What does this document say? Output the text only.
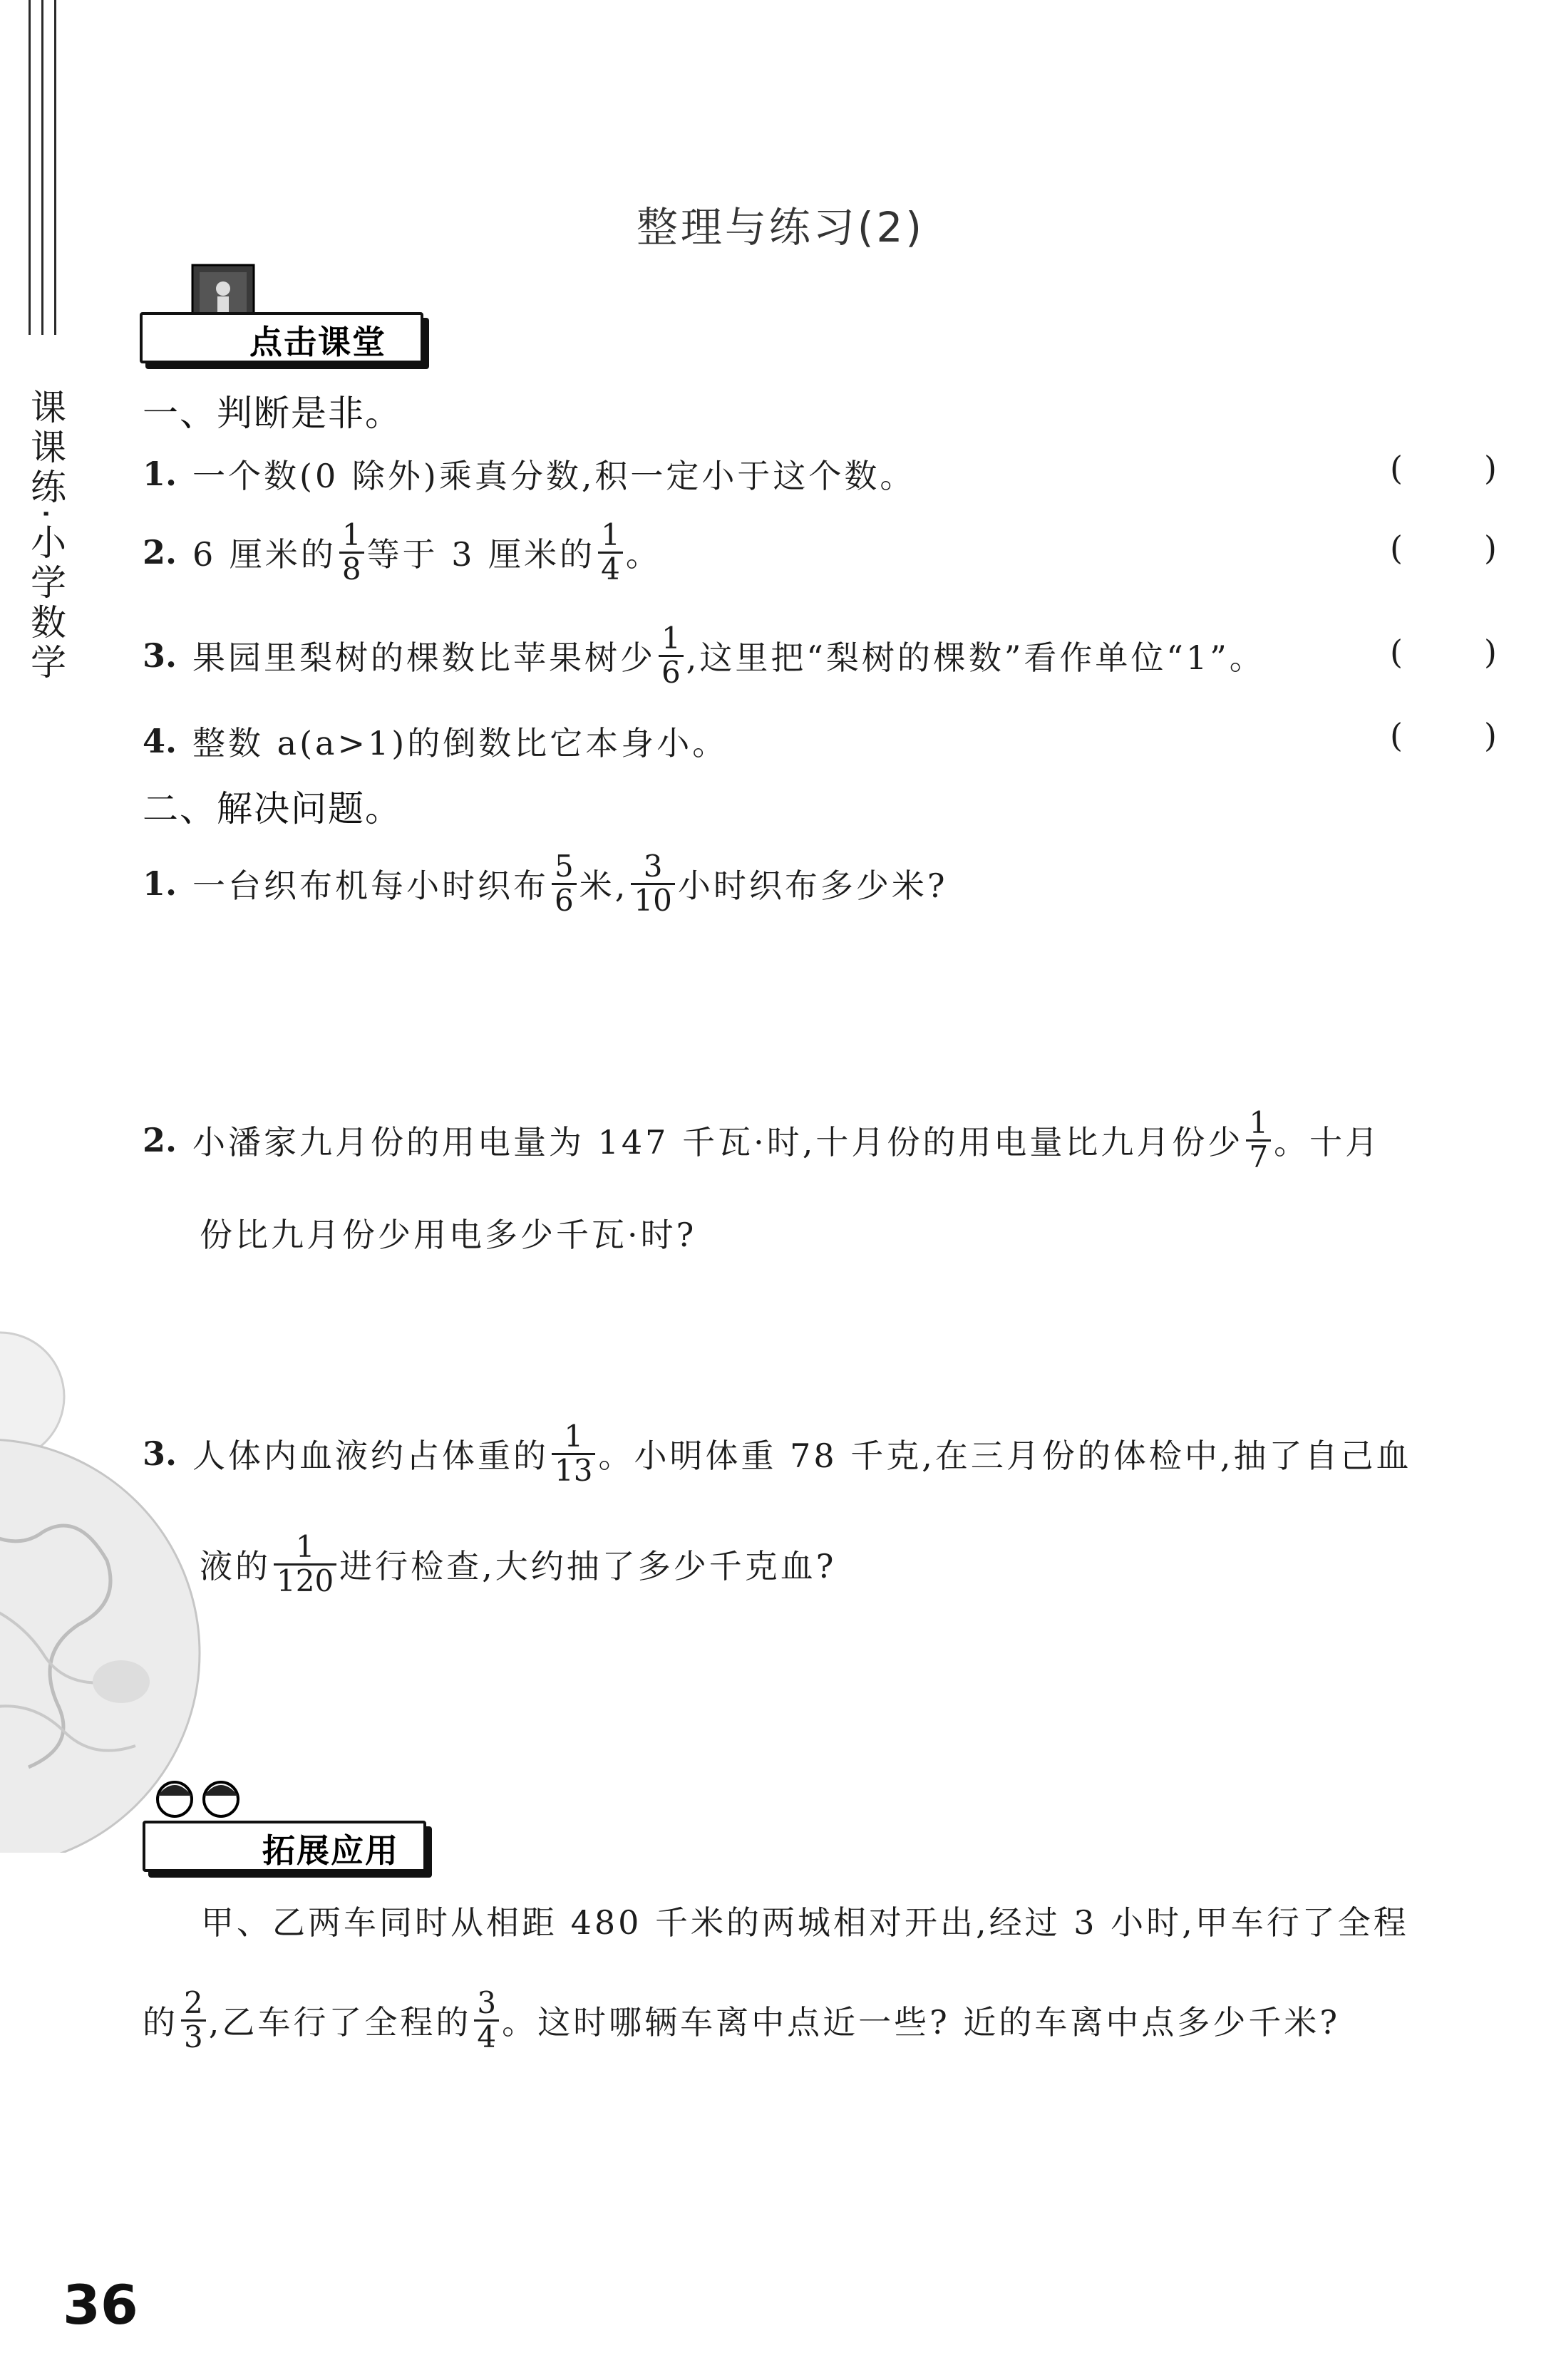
课课练·小学数学
整理与练习(2)
点击课堂
一、判断是非。
1. 一个数(0 除外)乘真分数,积一定小于这个数。	( )
2. 6 厘米的 $\frac{1}{8}$ 等于 3 厘米的 $\frac{1}{4}$ 。	( )
3. 果园里梨树的棵数比苹果树少 $\frac{1}{6}$ ,这里把“梨树的棵数”看作单位“1”。	( )
4. 整数 a(a>1)的倒数比它本身小。	( )
二、解决问题。
1. 一台织布机每小时织布 $\frac{5}{6}$ 米, $\frac{3}{10}$ 小时织布多少米?
2. 小潘家九月份的用电量为 147 千瓦·时,十月份的用电量比九月份少 $\frac{1}{7}$ 。十月
份比九月份少用电多少千瓦·时?
3. 人体内血液约占体重的 $\frac{1}{13}$ 。小明体重 78 千克,在三月份的体检中,抽了自己血
液的 $\frac{1}{120}$ 进行检查,大约抽了多少千克血?
拓展应用
甲、乙两车同时从相距 480 千米的两城相对开出,经过 3 小时,甲车行了全程
的 $\frac{2}{3}$ ,乙车行了全程的 $\frac{3}{4}$ 。这时哪辆车离中点近一些? 近的车离中点多少千米?
36
